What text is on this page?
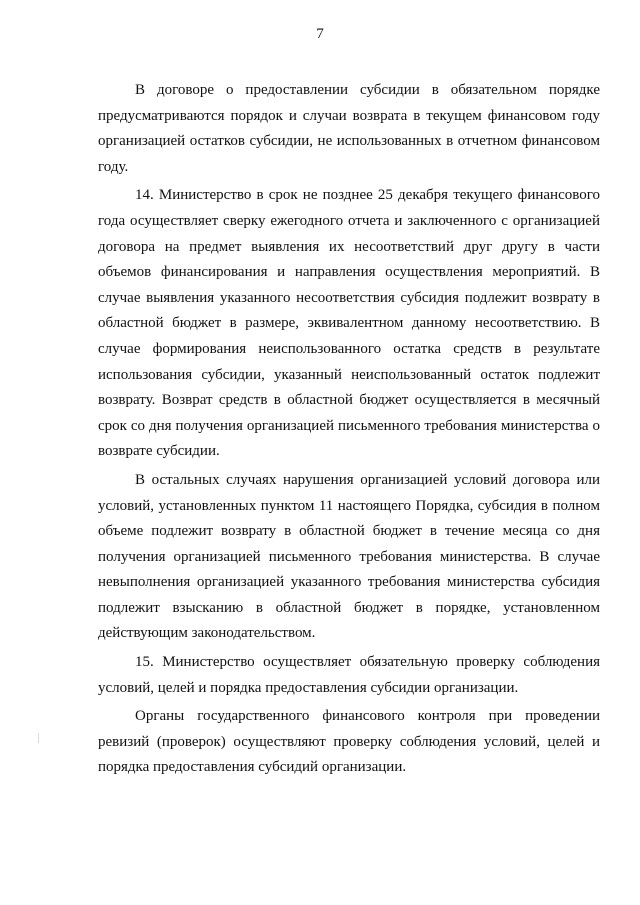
7

В договоре о предоставлении субсидии в обязательном порядке предусматриваются порядок и случаи возврата в текущем финансовом году организацией остатков субсидии, не использованных в отчетном финансовом году.

14. Министерство в срок не позднее 25 декабря текущего финансового года осуществляет сверку ежегодного отчета и заключенного с организацией договора на предмет выявления их несоответствий друг другу в части объемов финансирования и направления осуществления мероприятий. В случае выявления указанного несоответствия субсидия подлежит возврату в областной бюджет в размере, эквивалентном данному несоответствию. В случае формирования неиспользованного остатка средств в результате использования субсидии, указанный неиспользованный остаток подлежит возврату. Возврат средств в областной бюджет осуществляется в месячный срок со дня получения организацией письменного требования министерства о возврате субсидии.

В остальных случаях нарушения организацией условий договора или условий, установленных пунктом 11 настоящего Порядка, субсидия в полном объеме подлежит возврату в областной бюджет в течение месяца со дня получения организацией письменного требования министерства. В случае невыполнения организацией указанного требования министерства субсидия подлежит взысканию в областной бюджет в порядке, установленном действующим законодательством.

15. Министерство осуществляет обязательную проверку соблюдения условий, целей и порядка предоставления субсидии организации.

Органы государственного финансового контроля при проведении ревизий (проверок) осуществляют проверку соблюдения условий, целей и порядка предоставления субсидий организации.
